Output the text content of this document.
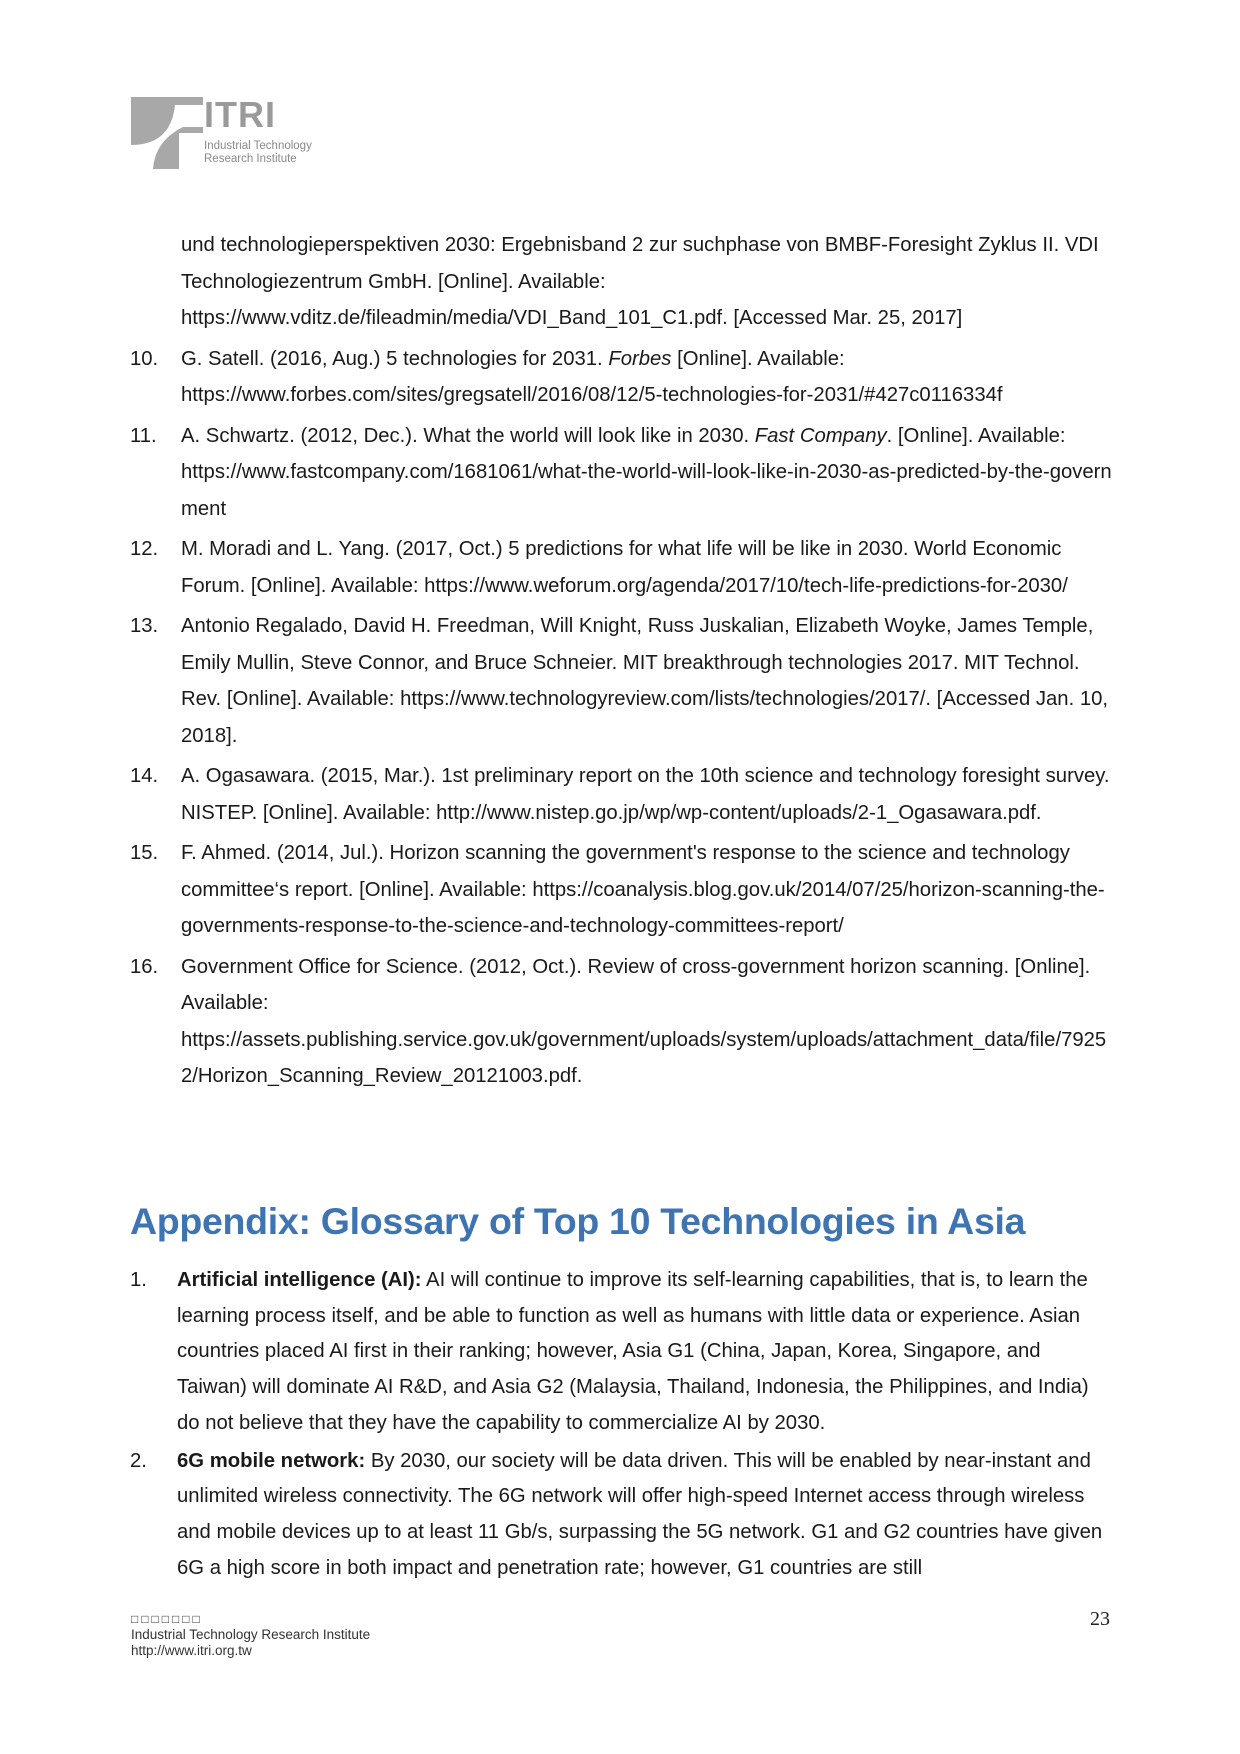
ITRI
Industrial Technology
Research Institute
und technologieperspektiven 2030: Ergebnisband 2 zur suchphase von BMBF-Foresight Zyklus II. VDI Technologiezentrum GmbH. [Online]. Available:
https://www.vditz.de/fileadmin/media/VDI_Band_101_C1.pdf. [Accessed Mar. 25, 2017]
10. G. Satell. (2016, Aug.) 5 technologies for 2031. Forbes [Online]. Available:
https://www.forbes.com/sites/gregsatell/2016/08/12/5-technologies-for-2031/#427c0116334f
11. A. Schwartz. (2012, Dec.). What the world will look like in 2030. Fast Company. [Online]. Available:
https://www.fastcompany.com/1681061/what-the-world-will-look-like-in-2030-as-predicted-by-the-government
12. M. Moradi and L. Yang. (2017, Oct.) 5 predictions for what life will be like in 2030. World Economic Forum. [Online]. Available: https://www.weforum.org/agenda/2017/10/tech-life-predictions-for-2030/
13. Antonio Regalado, David H. Freedman, Will Knight, Russ Juskalian, Elizabeth Woyke, James Temple, Emily Mullin, Steve Connor, and Bruce Schneier. MIT breakthrough technologies 2017. MIT Technol. Rev. [Online]. Available: https://www.technologyreview.com/lists/technologies/2017/. [Accessed Jan. 10, 2018].
14. A. Ogasawara. (2015, Mar.). 1st preliminary report on the 10th science and technology foresight survey. NISTEP. [Online]. Available: http://www.nistep.go.jp/wp/wp-content/uploads/2-1_Ogasawara.pdf.
15. F. Ahmed. (2014, Jul.). Horizon scanning the government's response to the science and technology committee‘s report. [Online]. Available: https://coanalysis.blog.gov.uk/2014/07/25/horizon-scanning-the-governments-response-to-the-science-and-technology-committees-report/
16. Government Office for Science. (2012, Oct.). Review of cross-government horizon scanning. [Online]. Available:
https://assets.publishing.service.gov.uk/government/uploads/system/uploads/attachment_data/file/79252/Horizon_Scanning_Review_20121003.pdf.
Appendix: Glossary of Top 10 Technologies in Asia
1. Artificial intelligence (AI): AI will continue to improve its self-learning capabilities, that is, to learn the learning process itself, and be able to function as well as humans with little data or experience. Asian countries placed AI first in their ranking; however, Asia G1 (China, Japan, Korea, Singapore, and Taiwan) will dominate AI R&D, and Asia G2 (Malaysia, Thailand, Indonesia, the Philippines, and India) do not believe that they have the capability to commercialize AI by 2030.
2. 6G mobile network: By 2030, our society will be data driven. This will be enabled by near-instant and unlimited wireless connectivity. The 6G network will offer high-speed Internet access through wireless and mobile devices up to at least 11 Gb/s, surpassing the 5G network. G1 and G2 countries have given 6G a high score in both impact and penetration rate; however, G1 countries are still
□□□□□□□
Industrial Technology Research Institute
http://www.itri.org.tw
23
